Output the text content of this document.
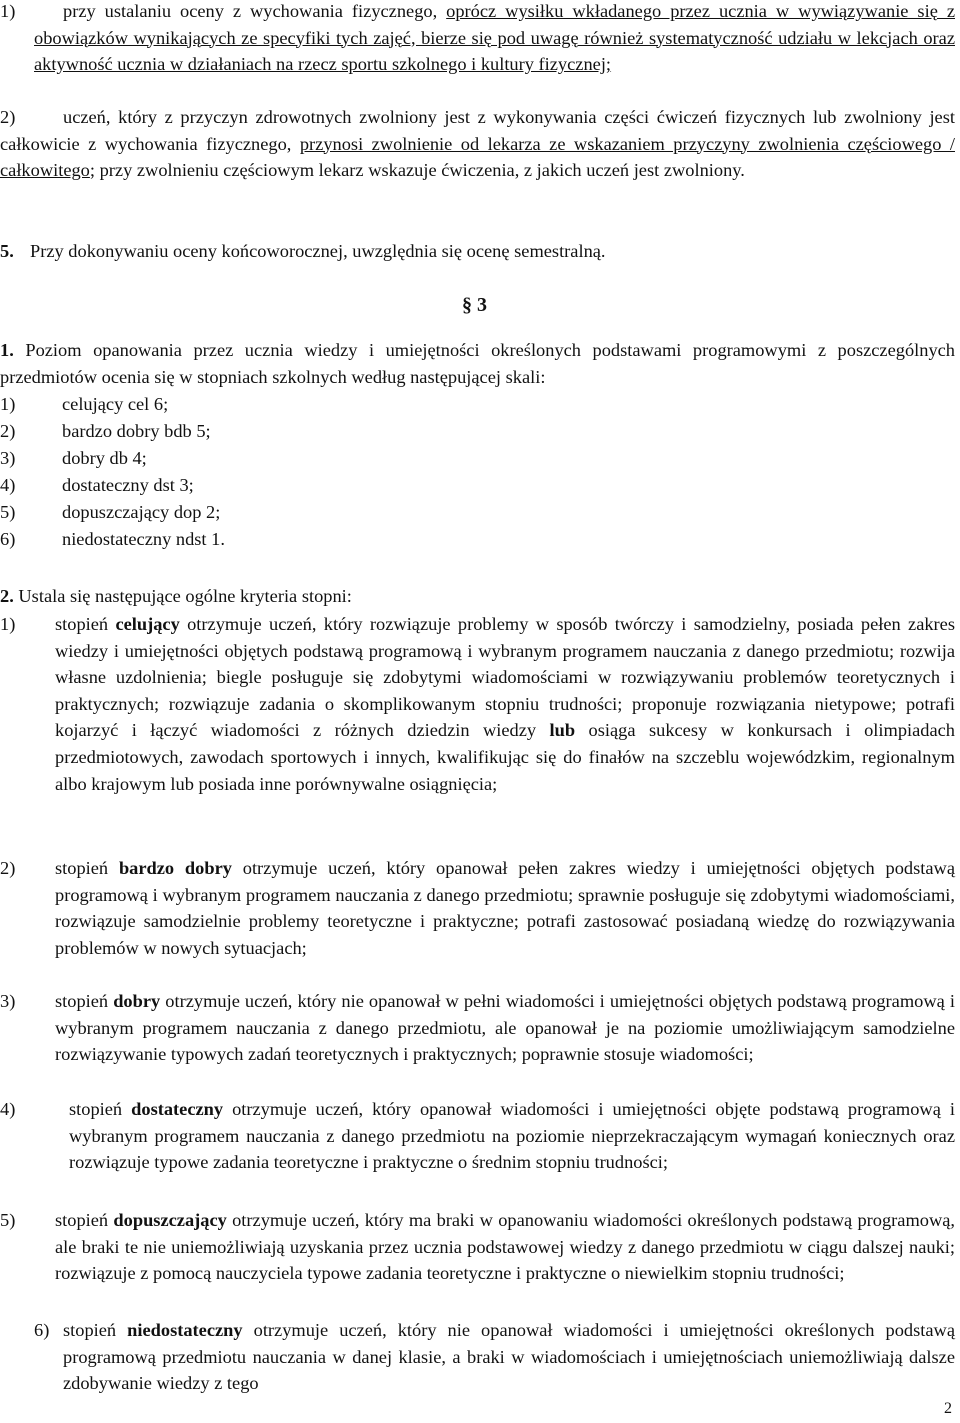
1)	przy ustalaniu oceny z wychowania fizycznego, oprócz wysiłku wkładanego przez ucznia w wywiązywanie się z obowiązków wynikających ze specyfiki tych zajęć, bierze się pod uwagę również systematyczność udziału w lekcjach oraz aktywność ucznia w działaniach na rzecz sportu szkolnego i kultury fizycznej;
2)	uczeń, który z przyczyn zdrowotnych zwolniony jest z wykonywania części ćwiczeń fizycznych lub zwolniony jest całkowicie z wychowania fizycznego, przynosi zwolnienie od lekarza ze wskazaniem przyczyny zwolnienia częściowego / całkowitego; przy zwolnieniu częściowym lekarz wskazuje ćwiczenia, z jakich uczeń jest zwolniony.
5. Przy dokonywaniu oceny końcoworocznej, uwzględnia się ocenę semestralną.
§ 3
1. Poziom opanowania przez ucznia wiedzy i umiejętności określonych podstawami programowymi z poszczególnych przedmiotów ocenia się w stopniach szkolnych według następującej skali:
1)	celujący cel 6;
2)	bardzo dobry bdb 5;
3)	dobry db 4;
4)	dostateczny dst 3;
5)	dopuszczający dop 2;
6)	niedostateczny ndst 1.
2. Ustala się następujące ogólne kryteria stopni:
1)	stopień celujący otrzymuje uczeń, który rozwiązuje problemy w sposób twórczy i samodzielny, posiada pełen zakres wiedzy i umiejętności objętych podstawą programową i wybranym programem nauczania z danego przedmiotu; rozwija własne uzdolnienia; biegle posługuje się zdobytymi wiadomościami w rozwiązywaniu problemów teoretycznych i praktycznych; rozwiązuje zadania o skomplikowanym stopniu trudności; proponuje rozwiązania nietypowe; potrafi kojarzyć i łączyć wiadomości z różnych dziedzin wiedzy lub osiąga sukcesy w konkursach i olimpiadach przedmiotowych, zawodach sportowych i innych, kwalifikując się do finałów na szczeblu wojewódzkim, regionalnym albo krajowym lub posiada inne porównywalne osiągnięcia;
2)	stopień bardzo dobry otrzymuje uczeń, który opanował pełen zakres wiedzy i umiejętności objętych podstawą programową i wybranym programem nauczania z danego przedmiotu; sprawnie posługuje się zdobytymi wiadomościami, rozwiązuje samodzielnie problemy teoretyczne i praktyczne; potrafi zastosować posiadaną wiedzę do rozwiązywania problemów w nowych sytuacjach;
3)	stopień dobry otrzymuje uczeń, który nie opanował w pełni wiadomości i umiejętności objętych podstawą programową i wybranym programem nauczania z danego przedmiotu, ale opanował je na poziomie umożliwiającym samodzielne rozwiązywanie typowych zadań teoretycznych i praktycznych; poprawnie stosuje wiadomości;
4)	stopień dostateczny otrzymuje uczeń, który opanował wiadomości i umiejętności objęte podstawą programową i wybranym programem nauczania z danego przedmiotu na poziomie nieprzekraczającym wymagań koniecznych oraz rozwiązuje typowe zadania teoretyczne i praktyczne o średnim stopniu trudności;
5)	stopień dopuszczający otrzymuje uczeń, który ma braki w opanowaniu wiadomości określonych podstawą programową, ale braki te nie uniemożliwiają uzyskania przez ucznia podstawowej wiedzy z danego przedmiotu w ciągu dalszej nauki; rozwiązuje z pomocą nauczyciela typowe zadania teoretyczne i praktyczne o niewielkim stopniu trudności;
6) stopień niedostateczny otrzymuje uczeń, który nie opanował wiadomości i umiejętności określonych podstawą programową przedmiotu nauczania w danej klasie, a braki w wiadomościach i umiejętnościach uniemożliwiają dalsze zdobywanie wiedzy z tego
2
